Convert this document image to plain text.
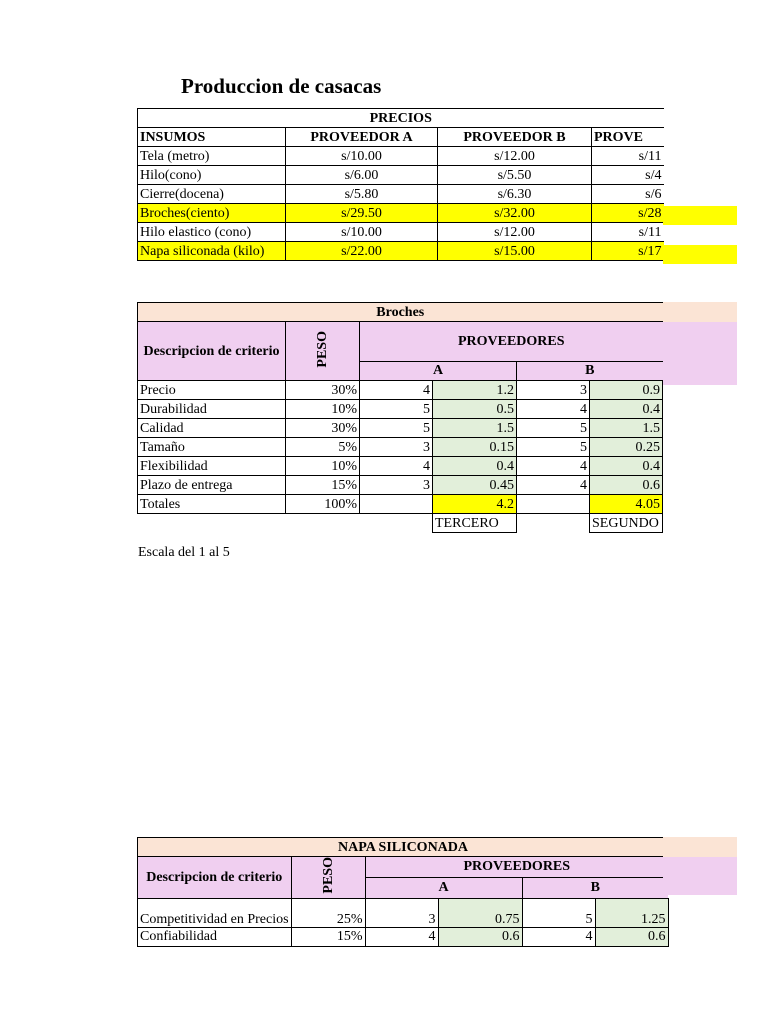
Produccion de casacas
PRECIOS			
INSUMOS	PROVEEDOR A	PROVEEDOR B	PROVE
Tela (metro)	s/10.00	s/12.00	s/11
Hilo(cono)	s/6.00	s/5.50	s/4
Cierre(docena)	s/5.80	s/6.30	s/6
Broches(ciento)	s/29.50	s/32.00	s/28
Hilo elastico (cono)	s/10.00	s/12.00	s/11
Napa siliconada (kilo)	s/22.00	s/15.00	s/17
Broches					
Descripcion de criterio	PESO	PROVEEDORES			
		A		B	
Precio	30%	4	1.2	3	0.9
Durabilidad	10%	5	0.5	4	0.4
Calidad	30%	5	1.5	5	1.5
Tamaño	5%	3	0.15	5	0.25
Flexibilidad	10%	4	0.4	4	0.4
Plazo de entrega	15%	3	0.45	4	0.6
Totales	100%		4.2		4.05
			TERCERO		SEGUNDO
Escala del 1 al 5
NAPA SILICONADA					
Descripcion de criterio	PESO	PROVEEDORES			
		A		B	
Competitividad en Precios	25%	3	0.75	5	1.25
Confiabilidad	15%	4	0.6	4	0.6
